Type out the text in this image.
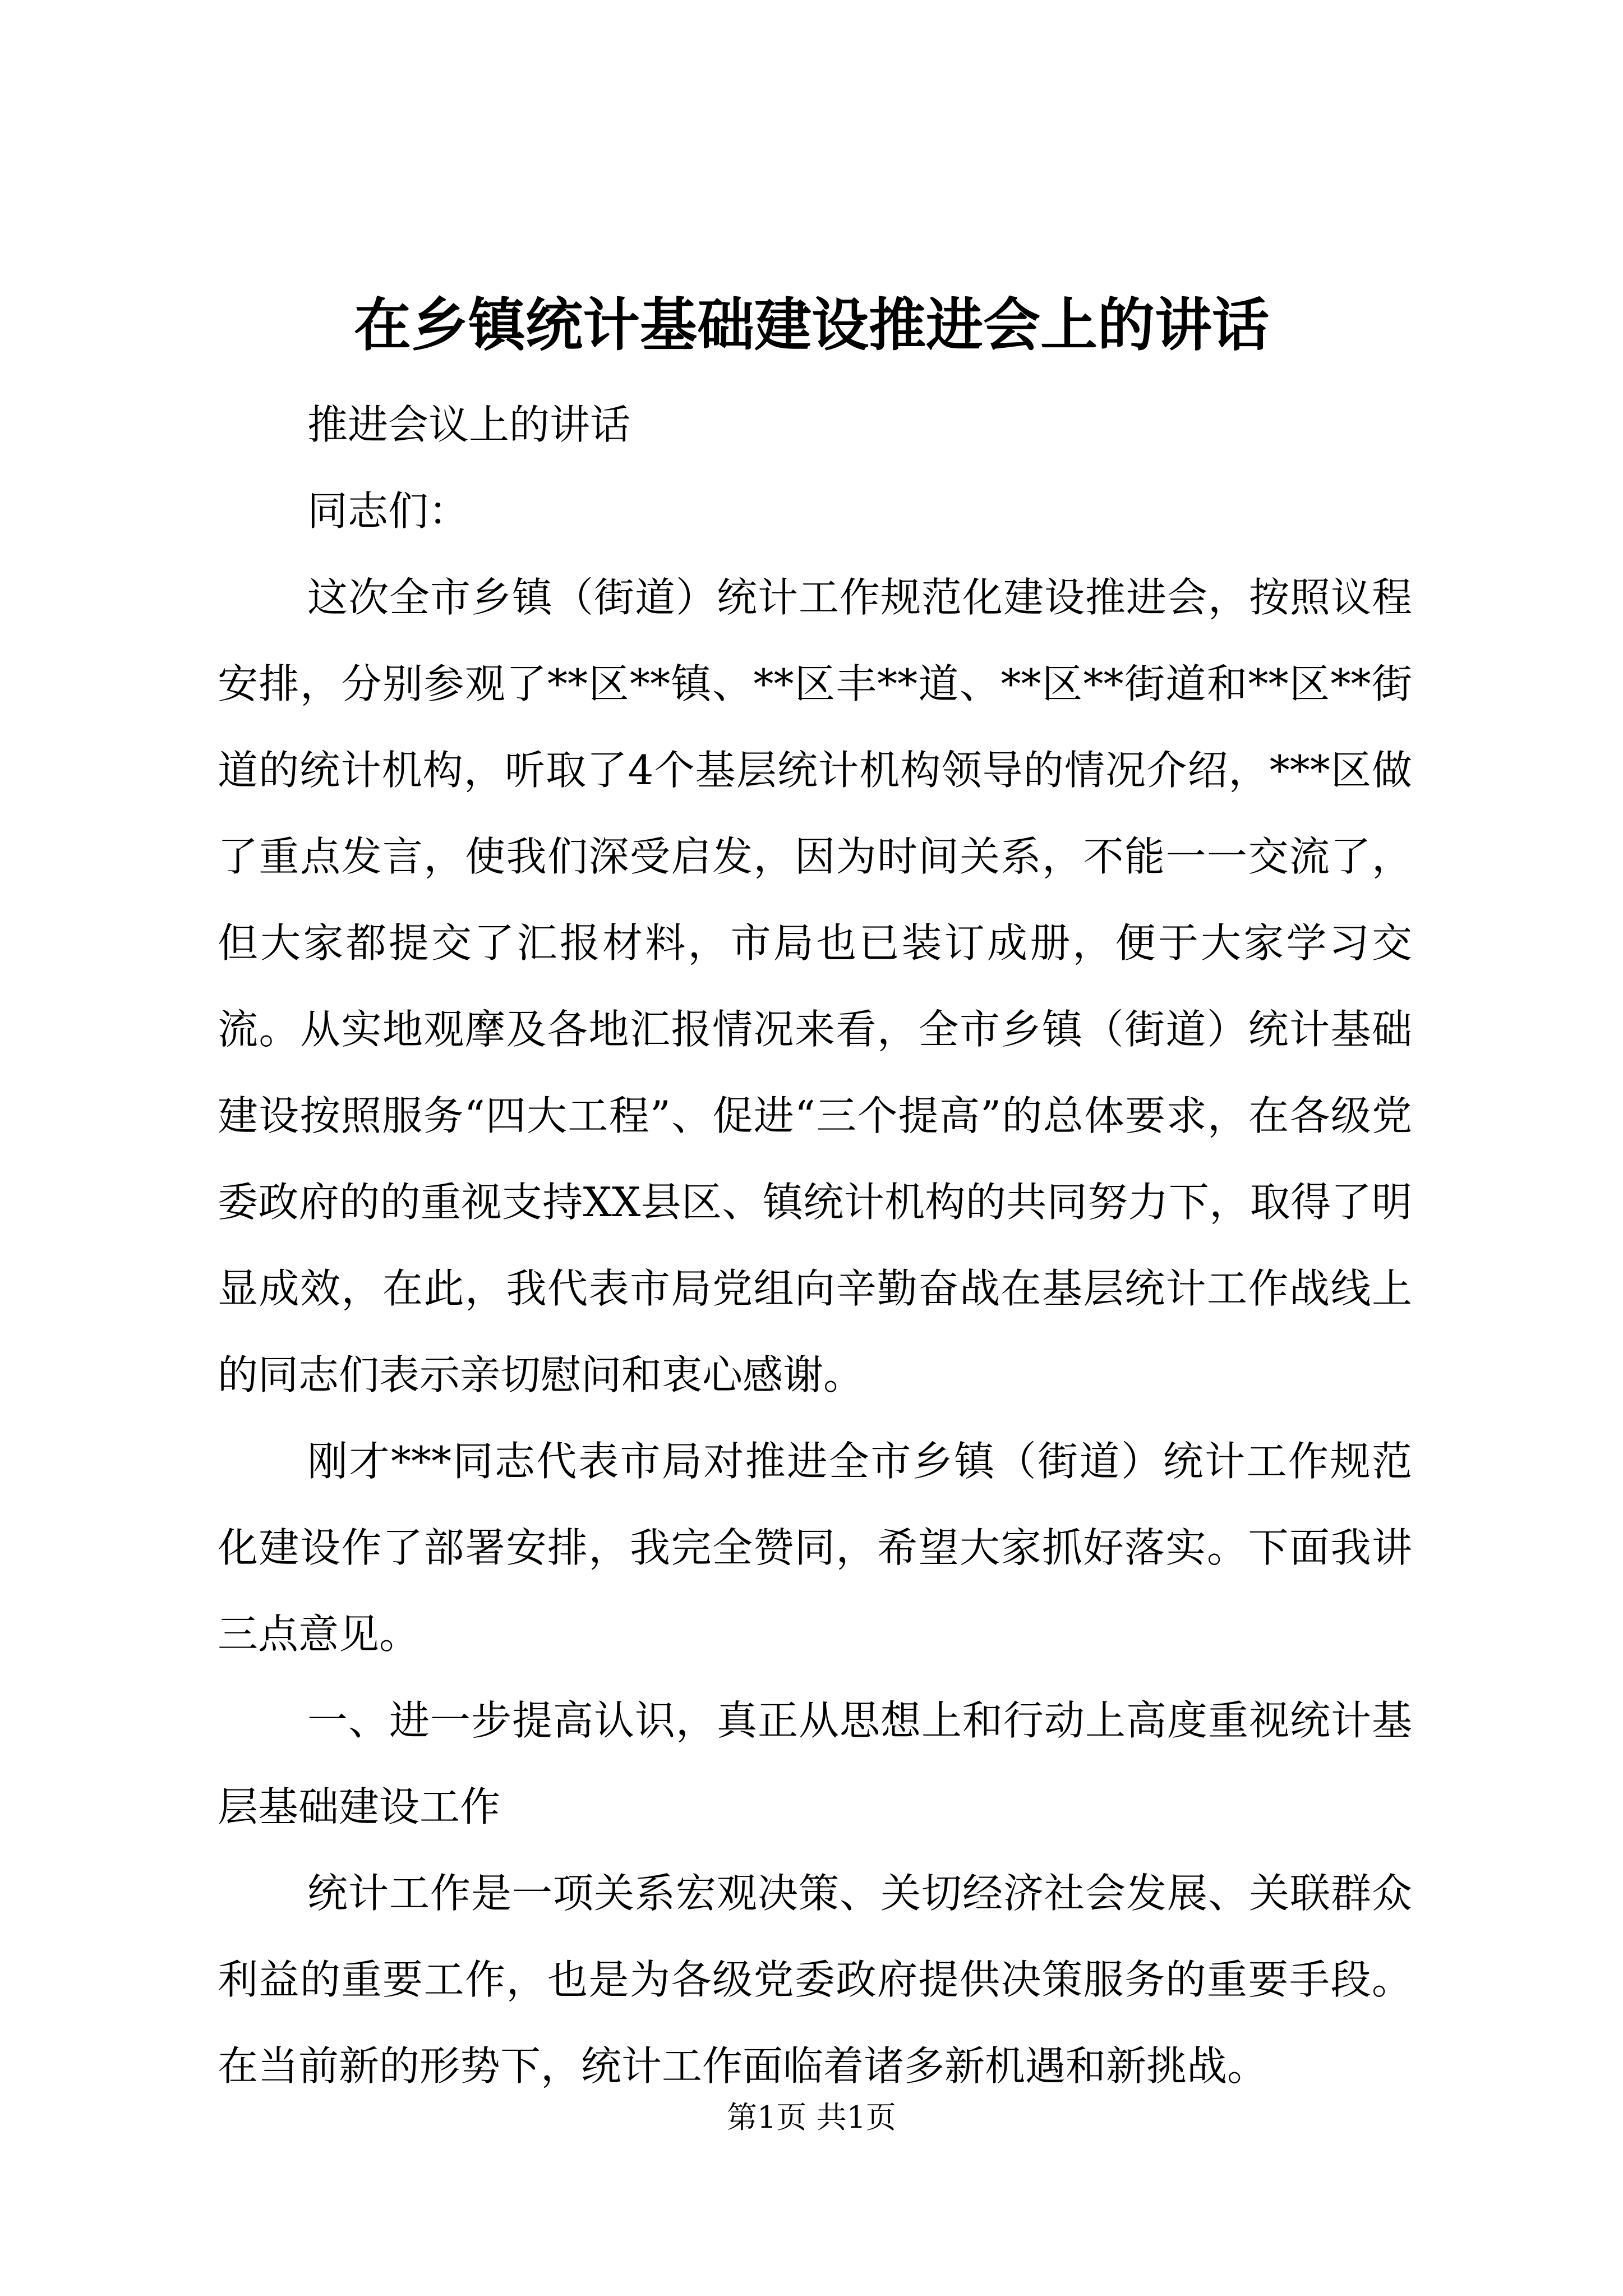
在乡镇统计基础建设推进会上的讲话

推进会议上的讲话

同志们：

这次全市乡镇（街道）统计工作规范化建设推进会，按照议程安排，分别参观了**区**镇、**区丰**道、**区**街道和**区**街道的统计机构，听取了4个基层统计机构领导的情况介绍，***区做了重点发言，使我们深受启发，因为时间关系，不能一一交流了，但大家都提交了汇报材料，市局也已装订成册，便于大家学习交流。从实地观摩及各地汇报情况来看，全市乡镇（街道）统计基础建设按照服务“四大工程”、促进“三个提高”的总体要求，在各级党委政府的的重视支持XX县区、镇统计机构的共同努力下，取得了明显成效，在此，我代表市局党组向辛勤奋战在基层统计工作战线上的同志们表示亲切慰问和衷心感谢。

刚才***同志代表市局对推进全市乡镇（街道）统计工作规范化建设作了部署安排，我完全赞同，希望大家抓好落实。下面我讲三点意见。

一、进一步提高认识，真正从思想上和行动上高度重视统计基层基础建设工作

统计工作是一项关系宏观决策、关切经济社会发展、关联群众利益的重要工作，也是为各级党委政府提供决策服务的重要手段。在当前新的形势下，统计工作面临着诸多新机遇和新挑战。

第1页 共1页
